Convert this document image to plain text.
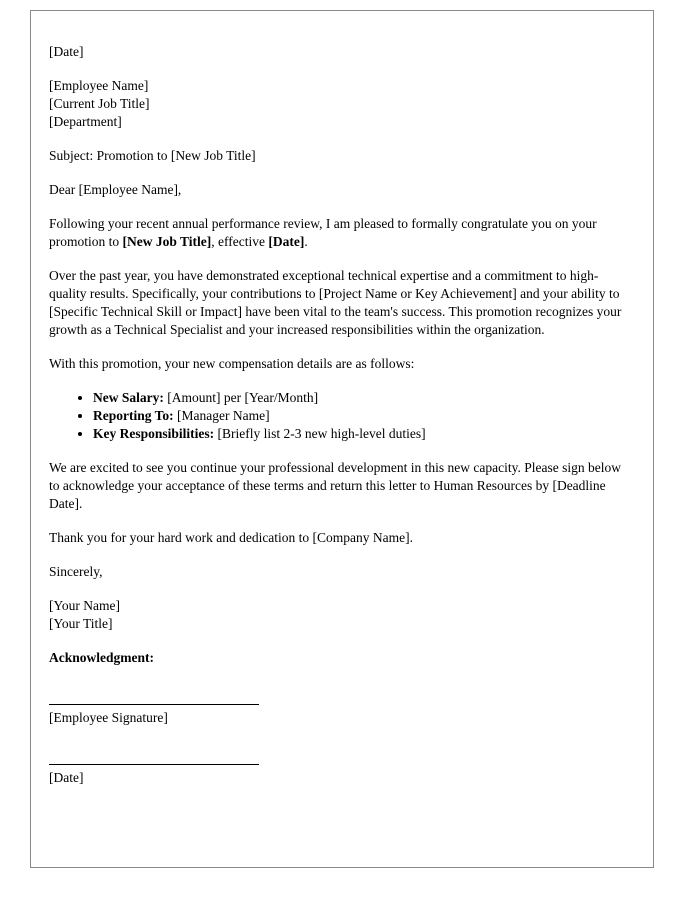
[Date]
[Employee Name]
[Current Job Title]
[Department]
Subject: Promotion to [New Job Title]
Dear [Employee Name],
Following your recent annual performance review, I am pleased to formally congratulate you on your promotion to [New Job Title], effective [Date].
Over the past year, you have demonstrated exceptional technical expertise and a commitment to high-quality results. Specifically, your contributions to [Project Name or Key Achievement] and your ability to [Specific Technical Skill or Impact] have been vital to the team's success. This promotion recognizes your growth as a Technical Specialist and your increased responsibilities within the organization.
With this promotion, your new compensation details are as follows:
• New Salary: [Amount] per [Year/Month]
• Reporting To: [Manager Name]
• Key Responsibilities: [Briefly list 2-3 new high-level duties]
We are excited to see you continue your professional development in this new capacity. Please sign below to acknowledge your acceptance of these terms and return this letter to Human Resources by [Deadline Date].
Thank you for your hard work and dedication to [Company Name].
Sincerely,
[Your Name]
[Your Title]
Acknowledgment:
[Employee Signature]
[Date]
